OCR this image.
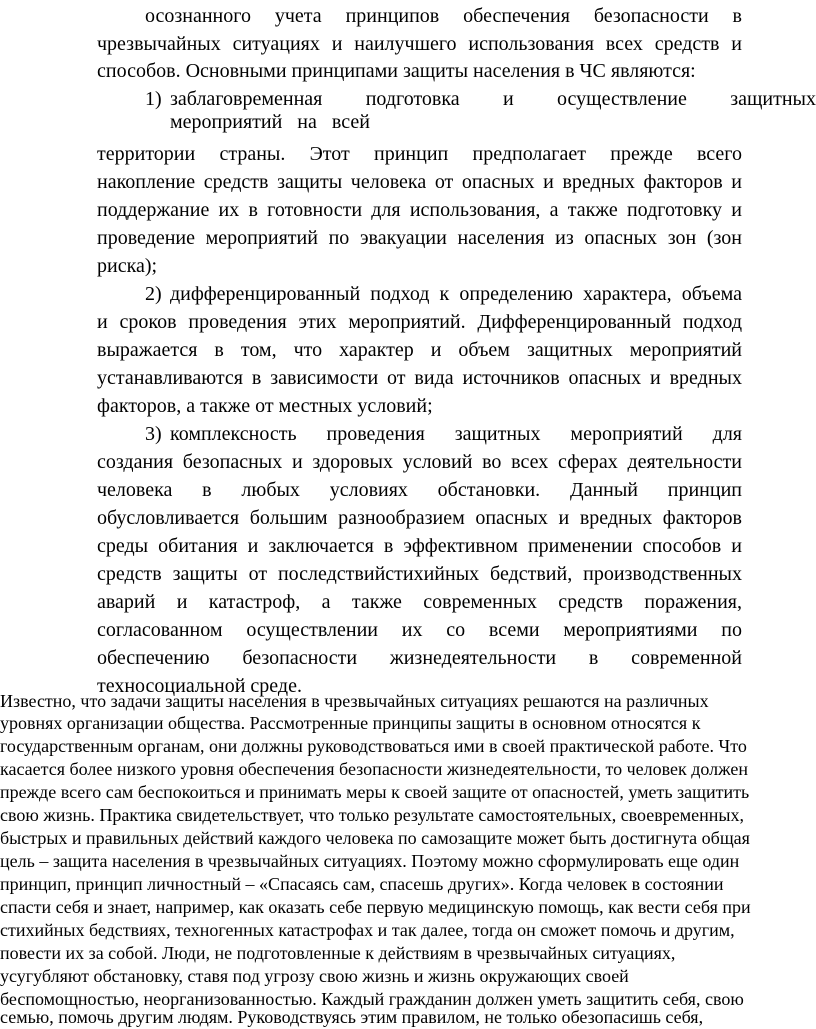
осознанного учета принципов обеспечения безопасности в
чрезвычайных ситуациях и наилучшего использования всех средств и
способов. Основными принципами защиты населения в ЧС являются:
1) заблаговременная подготовка и осуществление защитных
мероприятий на всей
территории страны. Этот принцип предполагает прежде всего
накопление средств защиты человека от опасных и вредных факторов и
поддержание их в готовности для использования, а также подготовку и
проведение мероприятий по эвакуации населения из опасных зон (зон
риска);
2) дифференцированный подход к определению характера, объема
и сроков проведения этих мероприятий. Дифференцированный подход
выражается в том, что характер и объем защитных мероприятий
устанавливаются в зависимости от вида источников опасных и вредных
факторов, а также от местных условий;
3) комплексность проведения защитных мероприятий для
создания безопасных и здоровых условий во всех сферах деятельности
человека в любых условиях обстановки. Данный принцип
обусловливается большим разнообразием опасных и вредных факторов
среды обитания и заключается в эффективном применении способов и
средств защиты от последствийстихийных бедствий, производственных
аварий и катастроф, а также современных средств поражения,
согласованном осуществлении их со всеми мероприятиями по
обеспечению безопасности жизнедеятельности в современной
техносоциальной среде.
Известно, что задачи защиты населения в чрезвычайных ситуациях решаются на различных
уровнях организации общества. Рассмотренные принципы защиты в основном относятся к
государственным органам, они должны руководствоваться ими в своей практической работе. Что
касается более низкого уровня обеспечения безопасности жизнедеятельности, то человек должен
прежде всего сам беспокоиться и принимать меры к своей защите от опасностей, уметь защитить
свою жизнь. Практика свидетельствует, что только результате самостоятельных, своевременных,
быстрых и правильных действий каждого человека по самозащите может быть достигнута общая
цель – защита населения в чрезвычайных ситуациях. Поэтому можно сформулировать еще один
принцип, принцип личностный – «Спасаясь сам, спасешь других». Когда человек в состоянии
спасти себя и знает, например, как оказать себе первую медицинскую помощь, как вести себя при
стихийных бедствиях, техногенных катастрофах и так далее, тогда он сможет помочь и другим,
повести их за собой. Люди, не подготовленные к действиям в чрезвычайных ситуациях,
усугубляют обстановку, ставя под угрозу свою жизнь и жизнь окружающих своей
беспомощностью, неорганизованностью. Каждый гражданин должен уметь защитить себя, свою
семью, помочь другим людям. Руководствуясь этим правилом, не только обезопасишь себя,
